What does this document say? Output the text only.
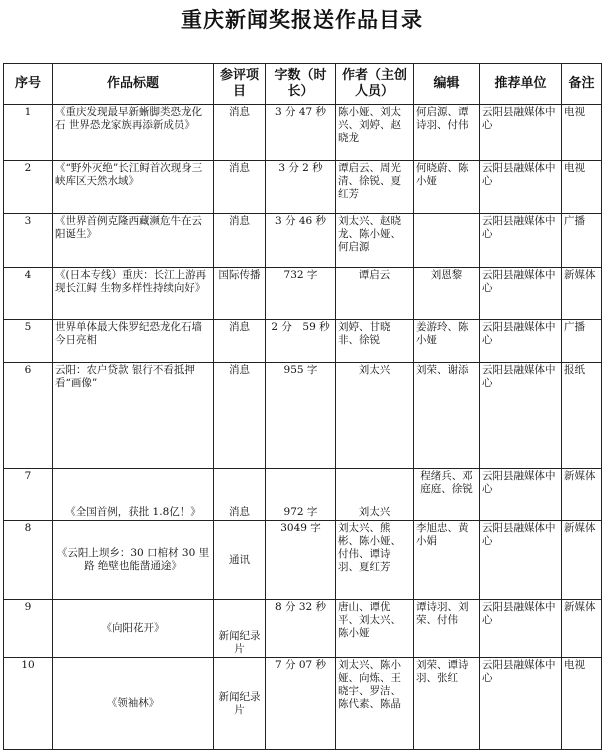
重庆新闻奖报送作品目录
序号	作品标题	参评项目	字数（时长）	作者（主创人员）	编辑	推荐单位	备注
1	《重庆发现最早新蜥脚类恐龙化石 世界恐龙家族再添新成员》	消息	3 分 47 秒	陈小娅、刘太兴、刘婷、赵晓龙	何启源、谭诗羽、付伟	云阳县融媒体中心	电视
2	《“野外灭绝”长江鲟首次现身三峡库区天然水域》	消息	3 分 2 秒	谭启云、周光清、徐锐、夏红芳	何晓蔚、陈小娅	云阳县融媒体中心	电视
3	《世界首例克隆西藏濒危牛在云阳诞生》	消息	3 分 46 秒	刘太兴、赵晓龙、陈小娅、何启源		云阳县融媒体中心	广播
4	《(日本专线）重庆：长江上游再现长江鲟 生物多样性持续向好》	国际传播	732 字	谭启云	刘恩黎	云阳县融媒体中心	新媒体
5	世界单体最大侏罗纪恐龙化石墙今日亮相	消息	2 分　59 秒	刘婷、甘晓非、徐锐	姜游玲、陈小娅	云阳县融媒体中心	广播
6	云阳：农户贷款 银行不看抵押看“画像”	消息	955 字	刘太兴	刘荣、谢添	云阳县融媒体中心	报纸
7	《全国首例，获批 1.8亿！》	消息	972 字	刘太兴	程绪兵、邓庭庭、徐锐	云阳县融媒体中心	新媒体
8	《云阳上坝乡：30 口棺材 30 里路 绝壁也能凿通途》	通讯	3049 字	刘太兴、熊彬、陈小娅、付伟、谭诗羽、夏红芳	李旭忠、黄小娟	云阳县融媒体中心	新媒体
9	《向阳花开》	新闻纪录片	8 分 32 秒	唐山、谭优平、刘太兴、陈小娅	谭诗羽、刘荣、付伟	云阳县融媒体中心	新媒体
10	《领袖林》	新闻纪录片	7 分 07 秒	刘太兴、陈小娅、向炼、王晓宇、罗洁、陈代素、陈晶	刘荣、谭诗羽、张红	云阳县融媒体中心	电视
